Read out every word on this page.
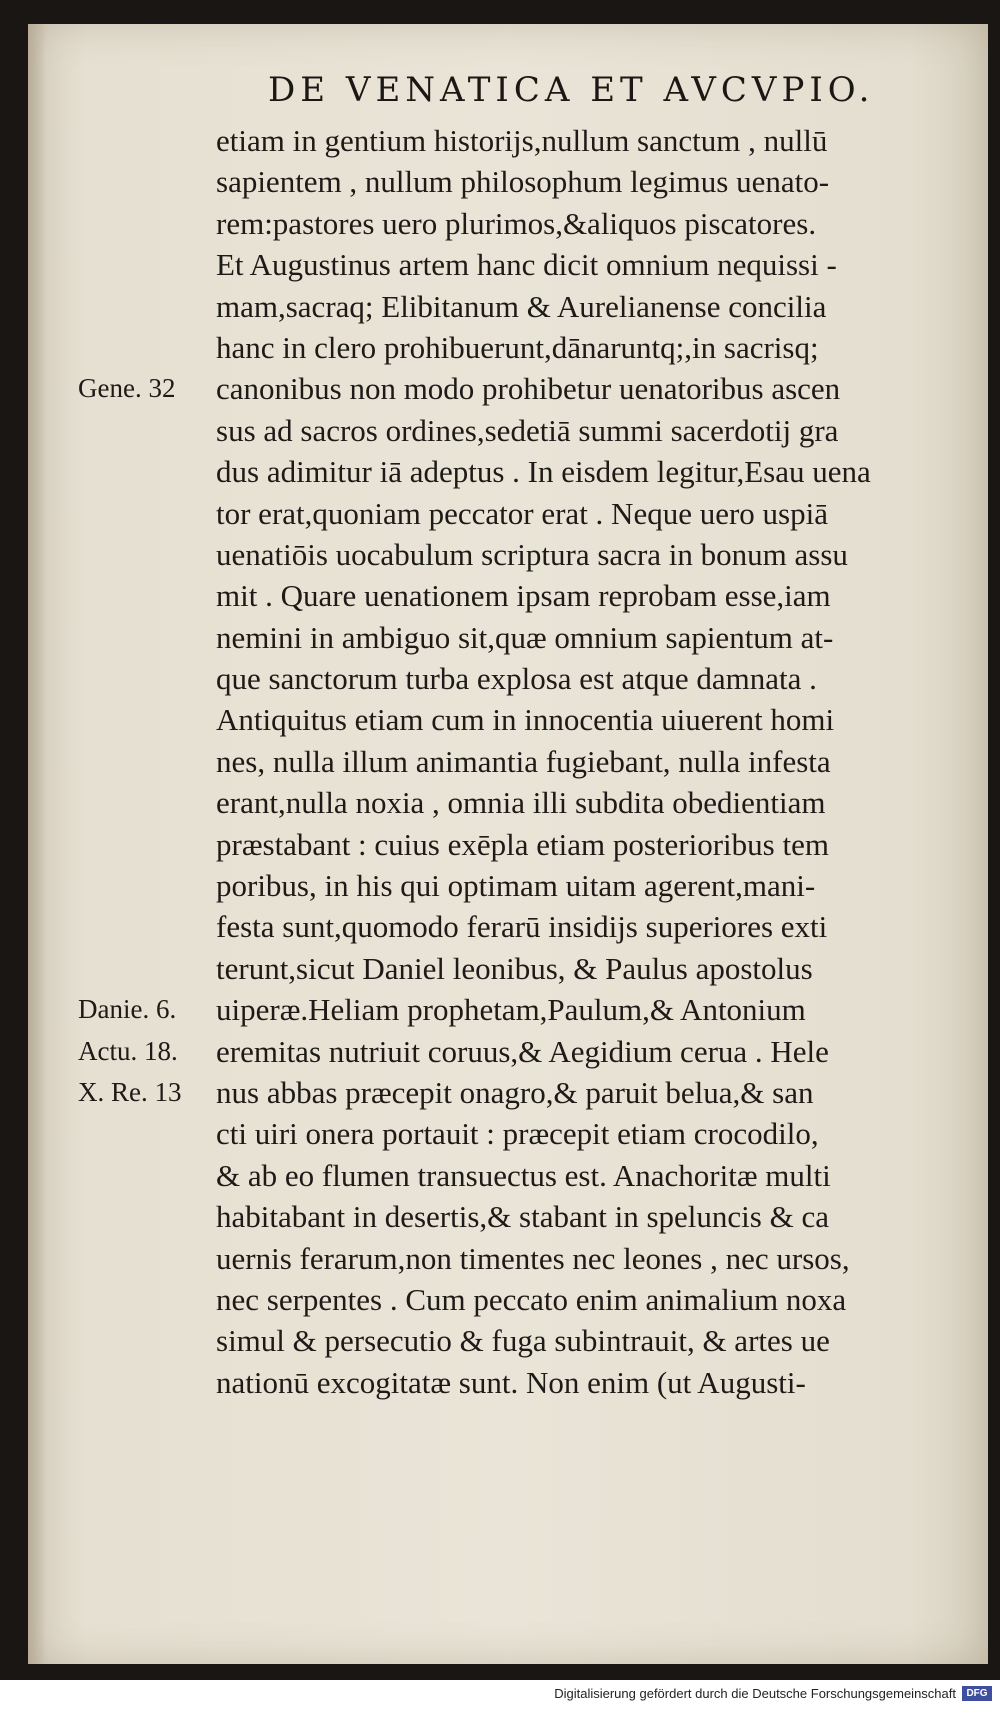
DE VENATICA ET AVCVPIO.
Gene. 32
Danie. 6.
Actu. 18.
X. Re. 13
etiam in gentium historijs,nullum sanctum , nullū
sapientem , nullum philosophum legimus uenato-
rem:pastores uero plurimos,&aliquos piscatores.
Et Augustinus artem hanc dicit omnium nequissi -
mam,sacraq; Elibitanum & Aurelianense concilia
hanc in clero prohibuerunt,dānaruntq;,in sacrisq;
canonibus non modo prohibetur uenatoribus ascen
sus ad sacros ordines,sedetiā summi sacerdotij gra
dus adimitur iā adeptus . In eisdem legitur,Esau uena
tor erat,quoniam peccator erat . Neque uero uspiā
uenatiōis uocabulum scriptura sacra in bonum assu
mit . Quare uenationem ipsam reprobam esse,iam
nemini in ambiguo sit,quæ omnium sapientum at-
que sanctorum turba explosa est atque damnata .
Antiquitus etiam cum in innocentia uiuerent homi
nes, nulla illum animantia fugiebant, nulla infesta
erant,nulla noxia , omnia illi subdita obedientiam
præstabant : cuius exēpla etiam posterioribus tem
poribus, in his qui optimam uitam agerent,mani-
festa sunt,quomodo ferarū insidijs superiores exti
terunt,sicut Daniel leonibus, & Paulus apostolus
uiperæ.Heliam prophetam,Paulum,& Antonium
eremitas nutriuit coruus,& Aegidium ceruа . Hele
nus abbas præcepit onagro,& paruit belua,& san
cti uiri onera portauit : præcepit etiam crocodilo,
& ab eo flumen transuectus est. Anachoritæ multi
habitabant in desertis,& stabant in speluncis & ca
uernis ferarum,non timentes nec leones , nec ursos,
nec serpentes . Cum peccato enim animalium noxa
simul & persecutio & fuga subintrauit, & artes ue
nationū excogitatæ sunt. Non enim (ut Augusti-
Digitalisierung gefördert durch die Deutsche Forschungsgemeinschaft	DFG
